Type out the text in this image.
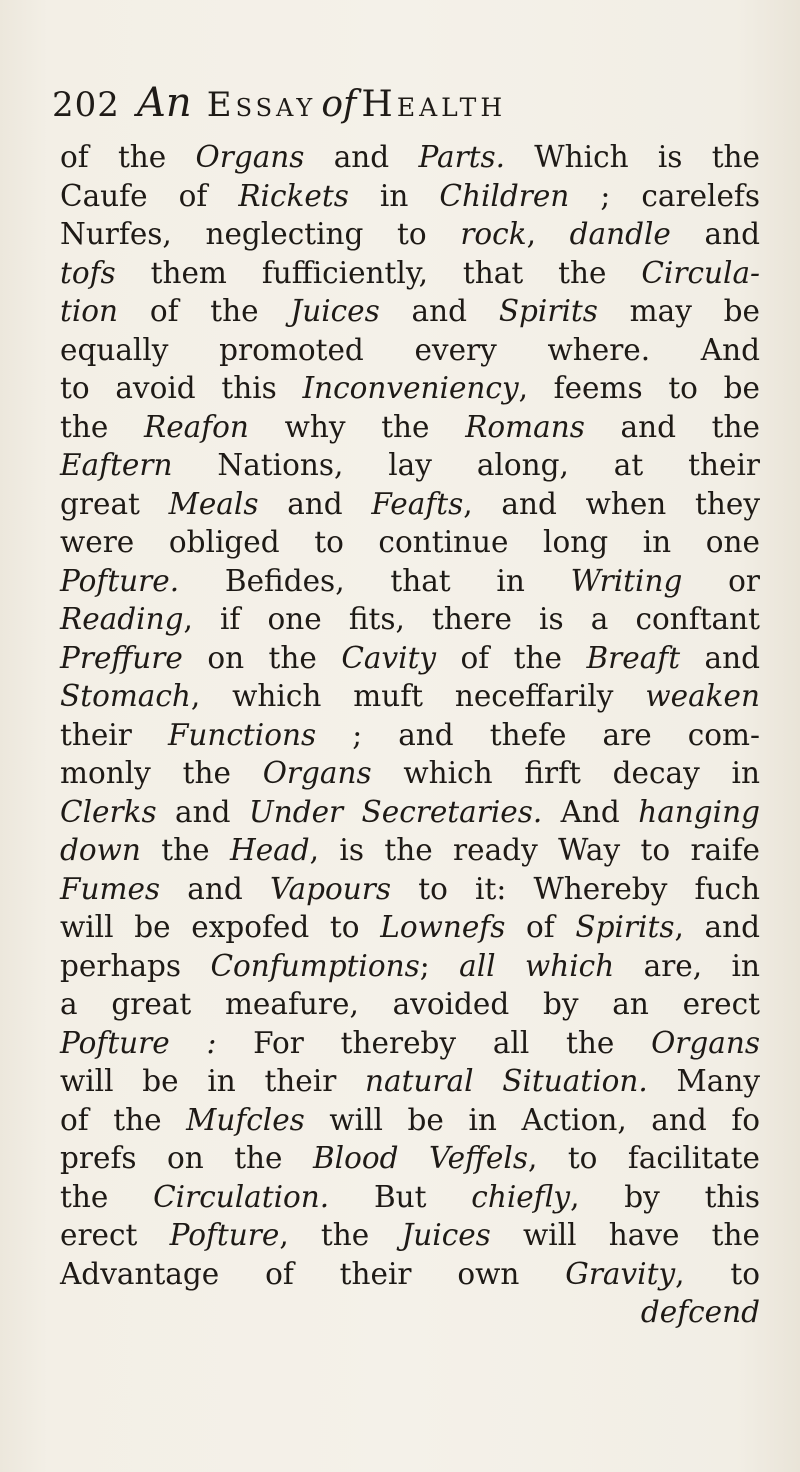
202 An Essay of Health
of the Organs and Parts. Which is the
Caufe of Rickets in Children ; carelefs
Nurfes, neglecting to rock, dandle and
tofs them fufficiently, that the Circula-
tion of the Juices and Spirits may be
equally promoted every where. And
to avoid this Inconveniency, feems to be
the Reafon why the Romans and the
Eaftern Nations, lay along, at their
great Meals and Feafts, and when they
were obliged to continue long in one
Pofture. Befides, that in Writing or
Reading, if one fits, there is a conftant
Preffure on the Cavity of the Breaft and
Stomach, which muft neceffarily weaken
their Functions ; and thefe are com-
monly the Organs which firft decay in
Clerks and Under Secretaries. And hanging
down the Head, is the ready Way to raife
Fumes and Vapours to it: Whereby fuch
will be expofed to Lownefs of Spirits, and
perhaps Confumptions; all which are, in
a great meafure, avoided by an erect
Pofture : For thereby all the Organs
will be in their natural Situation. Many
of the Mufcles will be in Action, and fo
prefs on the Blood Veffels, to facilitate
the Circulation. But chiefly, by this
erect Pofture, the Juices will have the
Advantage of their own Gravity, to
defcend
